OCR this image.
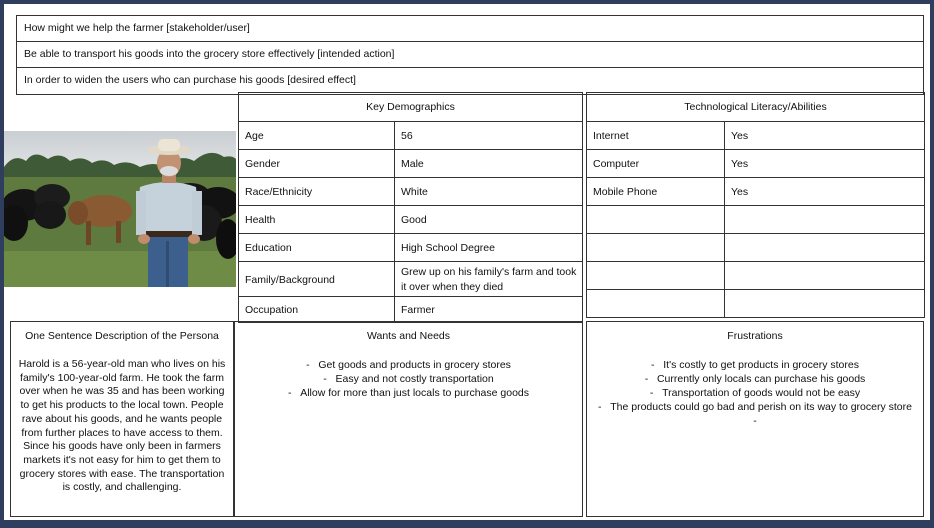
How might we help the farmer [stakeholder/user]
Be able to transport his goods into the grocery store effectively [intended action]
In order to widen the users who can purchase his goods [desired effect]
Key Demographics	
Age	56
Gender	Male
Race/Ethnicity	White
Health	Good
Education	High School Degree
Family/Background	Grew up on his family's farm and took it over when they died
Occupation	Farmer
Technological Literacy/Abilities	
Internet	Yes
Computer	Yes
Mobile Phone	Yes

One Sentence Description of the Persona
Harold is a 56-year-old man who lives on his family's 100-year-old farm. He took the farm over when he was 35 and has been working to get his products to the local town. People rave about his goods, and he wants people from further places to have access to them. Since his goods have only been in farmers markets it's not easy for him to get them to grocery stores with ease. The transportation is costly, and challenging.
Wants and Needs
-   Get goods and products in grocery stores
-   Easy and not costly transportation
-   Allow for more than just locals to purchase goods
Frustrations
-   It's costly to get products in grocery stores
-   Currently only locals can purchase his goods
-   Transportation of goods would not be easy
-   The products could go bad and perish on its way to grocery store
-
